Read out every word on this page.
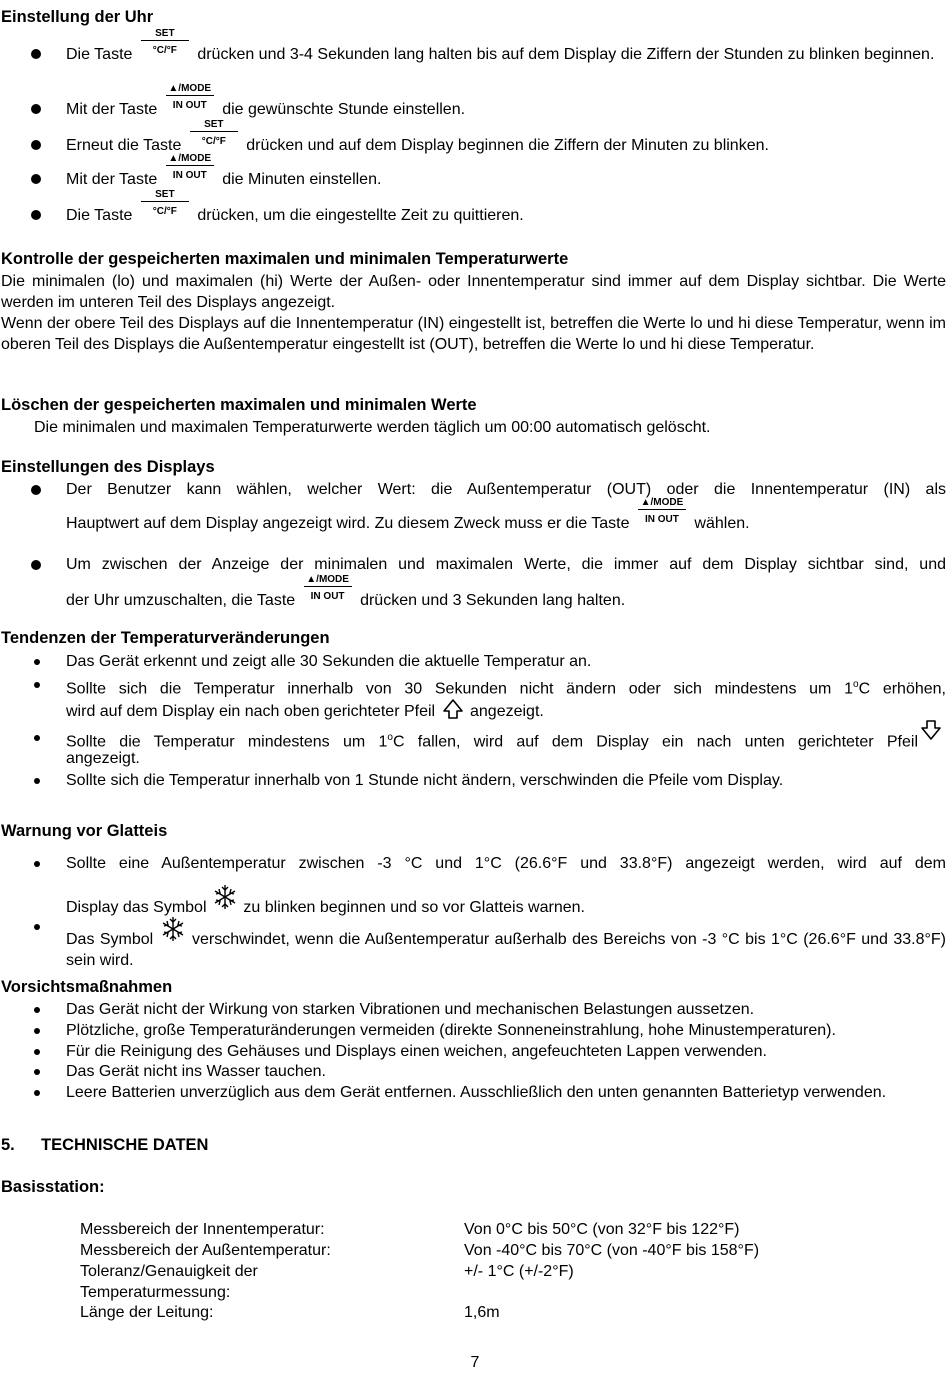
Einstellung der Uhr
Die Taste
SET
°C/°F	drücken und 3-4 Sekunden lang halten bis auf dem Display die Ziffern der Stunden zu blinken beginnen.
Mit der Taste
▲/MODE
IN OUT die gewünschte Stunde einstellen.
Erneut die Taste
SET
°C/°F	drücken und auf dem Display beginnen die Ziffern der Minuten zu blinken.
Mit der Taste
▲/MODE
IN OUT die Minuten einstellen.
Die Taste
SET
°C/°F	drücken, um die eingestellte Zeit zu quittieren.
Kontrolle der gespeicherten maximalen und minimalen Temperaturwerte
Die minimalen (lo) und maximalen (hi) Werte der Außen- oder Innentemperatur sind immer auf dem Display sichtbar. Die Werte werden im unteren Teil des Displays angezeigt.
Wenn der obere Teil des Displays auf die Innentemperatur (IN) eingestellt ist, betreffen die Werte lo und hi diese Temperatur, wenn im oberen Teil des Displays die Außentemperatur eingestellt ist (OUT), betreffen die Werte lo und hi diese Temperatur.
Löschen der gespeicherten maximalen und minimalen Werte
Die minimalen und maximalen Temperaturwerte werden täglich um 00:00 automatisch gelöscht.
Einstellungen des Displays
Der Benutzer kann wählen, welcher Wert: die Außentemperatur (OUT) oder die Innentemperatur (IN) als
Hauptwert auf dem Display angezeigt wird. Zu diesem Zweck muss er die Taste
▲/MODE
IN OUT wählen.
Um zwischen der Anzeige der minimalen und maximalen Werte, die immer auf dem Display sichtbar sind, und
der Uhr umzuschalten, die Taste
▲/MODE
IN OUT drücken und 3 Sekunden lang halten.
Tendenzen der Temperaturveränderungen
Das Gerät erkennt und zeigt alle 30 Sekunden die aktuelle Temperatur an.
Sollte sich die Temperatur innerhalb von 30 Sekunden nicht ändern oder sich mindestens um 1$^o$C erhöhen,
wird auf dem Display ein nach oben gerichteter Pfeil angezeigt.
Sollte die Temperatur mindestens um 1$^o$C fallen, wird auf dem Display ein nach unten gerichteter Pfeil
angezeigt.
Sollte sich die Temperatur innerhalb von 1 Stunde nicht ändern, verschwinden die Pfeile vom Display.
Warnung vor Glatteis
Sollte eine Außentemperatur zwischen -3 °C und 1°C (26.6°F und 33.8°F) angezeigt werden, wird auf dem
Display das Symbol zu blinken beginnen und so vor Glatteis warnen.
Das Symbol verschwindet, wenn die Außentemperatur außerhalb des Bereichs von -3 °C bis 1°C (26.6°F und 33.8°F) sein wird.
Vorsichtsmaßnahmen
Das Gerät nicht der Wirkung von starken Vibrationen und mechanischen Belastungen aussetzen.
Plötzliche, große Temperaturänderungen vermeiden (direkte Sonneneinstrahlung, hohe Minustemperaturen).
Für die Reinigung des Gehäuses und Displays einen weichen, angefeuchteten Lappen verwenden.
Das Gerät nicht ins Wasser tauchen.
Leere Batterien unverzüglich aus dem Gerät entfernen. Ausschließlich den unten genannten Batterietyp verwenden.
5. TECHNISCHE DATEN
Basisstation:
Messbereich der Innentemperatur:	Von 0°C bis 50°C (von 32°F bis 122°F)
Messbereich der Außentemperatur:	Von -40°C bis 70°C (von -40°F bis 158°F)
Toleranz/Genauigkeit der Temperaturmessung:
+/- 1°C (+/-2°F)
Länge der Leitung:	1,6m
7
